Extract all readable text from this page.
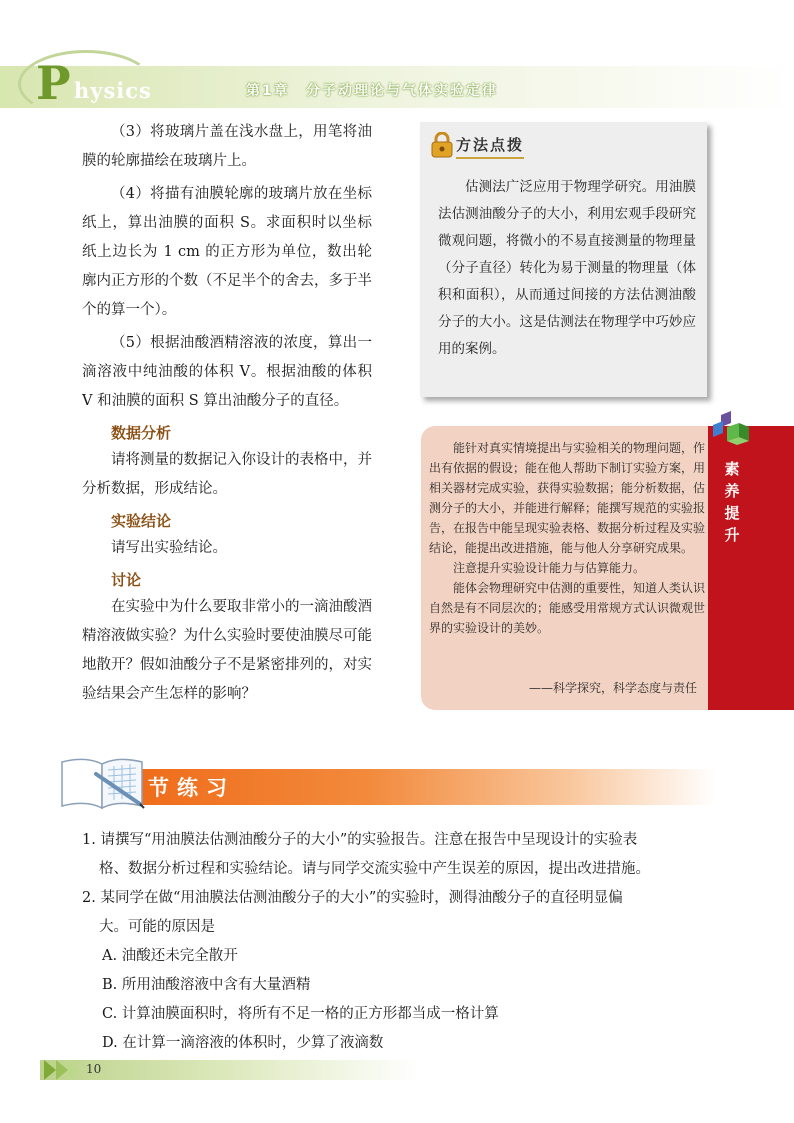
P hysics	第1章 分子动理论与气体实验定律

（3）将玻璃片盖在浅水盘上，用笔将油膜的轮廓描绘在玻璃片上。

（4）将描有油膜轮廓的玻璃片放在坐标纸上，算出油膜的面积 S。求面积时以坐标纸上边长为 1 cm 的正方形为单位，数出轮廓内正方形的个数（不足半个的舍去，多于半个的算一个）。

（5）根据油酸酒精溶液的浓度，算出一滴溶液中纯油酸的体积 V。根据油酸的体积 V 和油膜的面积 S 算出油酸分子的直径。

数据分析

请将测量的数据记入你设计的表格中，并分析数据，形成结论。

实验结论

请写出实验结论。

讨论

在实验中为什么要取非常小的一滴油酸酒精溶液做实验？为什么实验时要使油膜尽可能地散开？假如油酸分子不是紧密排列的，对实验结果会产生怎样的影响？

方法点拨

估测法广泛应用于物理学研究。用油膜法估测油酸分子的大小，利用宏观手段研究微观问题，将微小的不易直接测量的物理量（分子直径）转化为易于测量的物理量（体积和面积），从而通过间接的方法估测油酸分子的大小。这是估测法在物理学中巧妙应用的案例。

能针对真实情境提出与实验相关的物理问题，作出有依据的假设；能在他人帮助下制订实验方案，用相关器材完成实验，获得实验数据；能分析数据，估测分子的大小，并能进行解释；能撰写规范的实验报告，在报告中能呈现实验表格、数据分析过程及实验结论，能提出改进措施，能与他人分享研究成果。

注意提升实验设计能力与估算能力。

能体会物理研究中估测的重要性，知道人类认识自然是有不同层次的；能感受用常规方式认识微观世界的实验设计的美妙。

——科学探究，科学态度与责任
素养提升
节练习

1. 请撰写“用油膜法估测油酸分子的大小”的实验报告。注意在报告中呈现设计的实验表

格、数据分析过程和实验结论。请与同学交流实验中产生误差的原因，提出改进措施。

2. 某同学在做“用油膜法估测油酸分子的大小”的实验时，测得油酸分子的直径明显偏

大。可能的原因是

A. 油酸还未完全散开

B. 所用油酸溶液中含有大量酒精

C. 计算油膜面积时，将所有不足一格的正方形都当成一格计算

D. 在计算一滴溶液的体积时，少算了液滴数

10
